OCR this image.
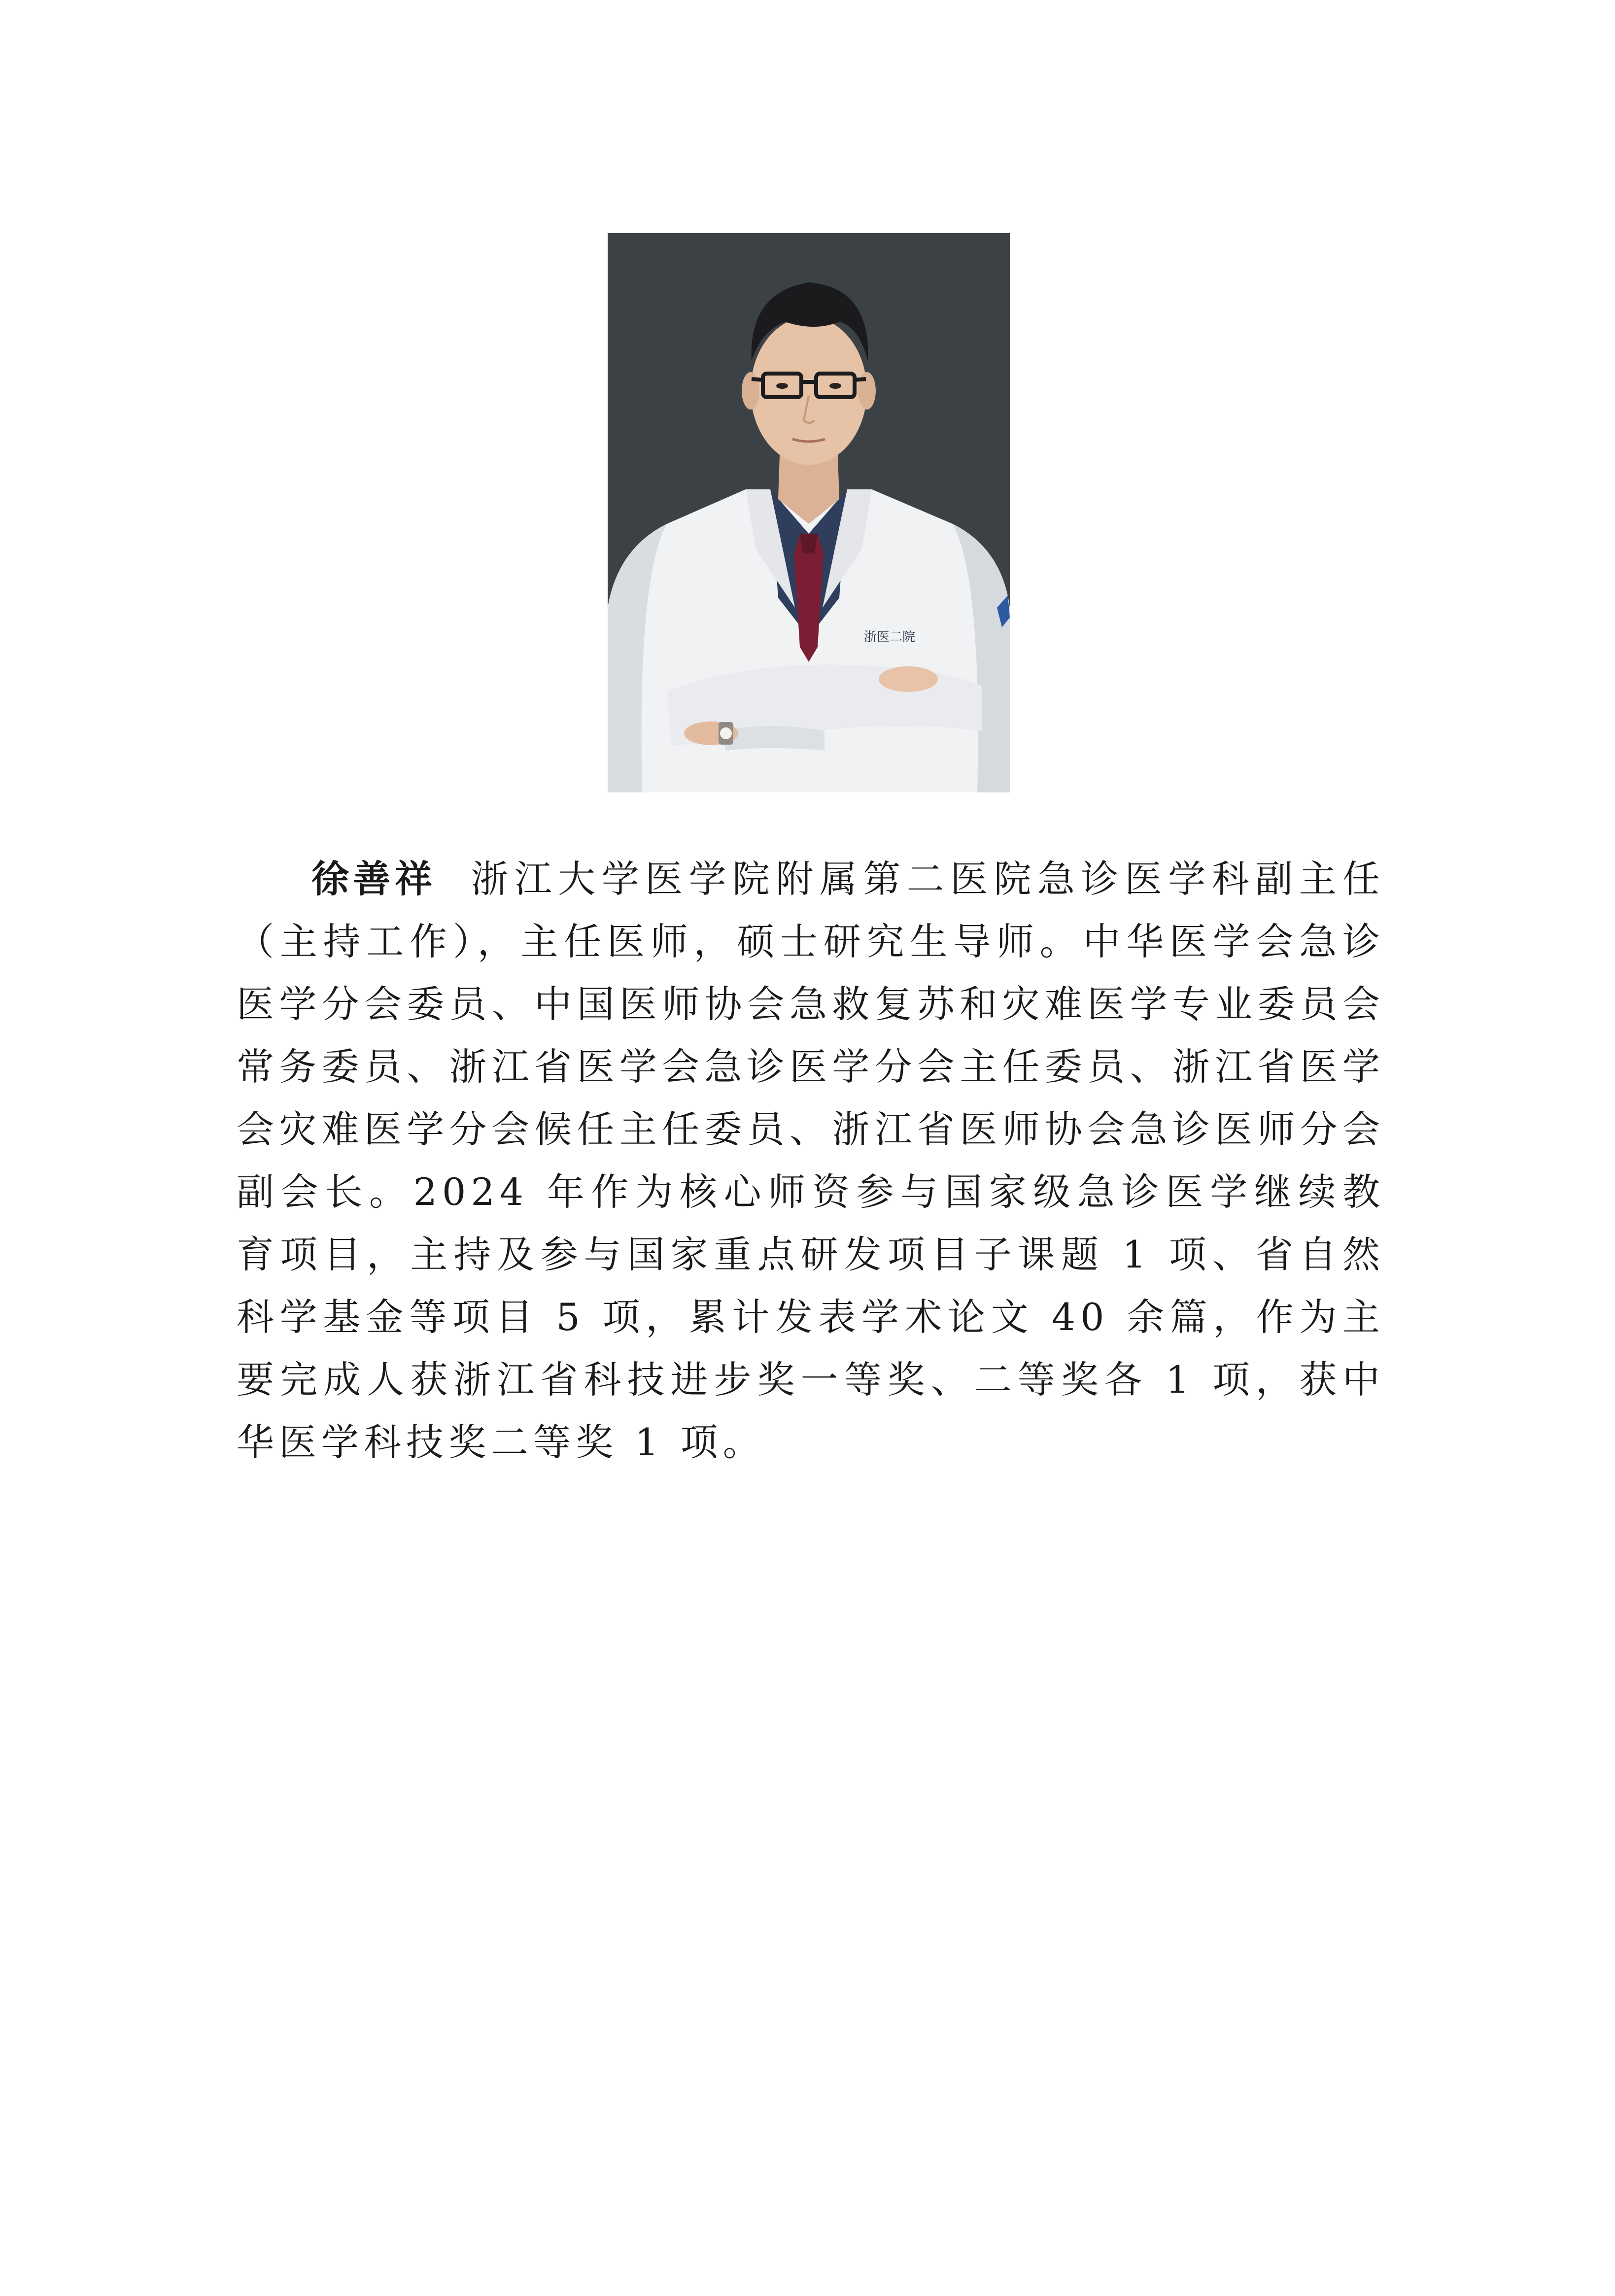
浙医二院

徐善祥 浙江大学医学院附属第二医院急诊医学科副主任（主持工作），主任医师，硕士研究生导师。中华医学会急诊医学分会委员、中国医师协会急救复苏和灾难医学专业委员会常务委员、浙江省医学会急诊医学分会主任委员、浙江省医学会灾难医学分会候任主任委员、浙江省医师协会急诊医师分会副会长。2024 年作为核心师资参与国家级急诊医学继续教育项目，主持及参与国家重点研发项目子课题 1 项、省自然科学基金等项目 5 项，累计发表学术论文 40 余篇，作为主要完成人获浙江省科技进步奖一等奖、二等奖各 1 项，获中华医学科技奖二等奖 1 项。
